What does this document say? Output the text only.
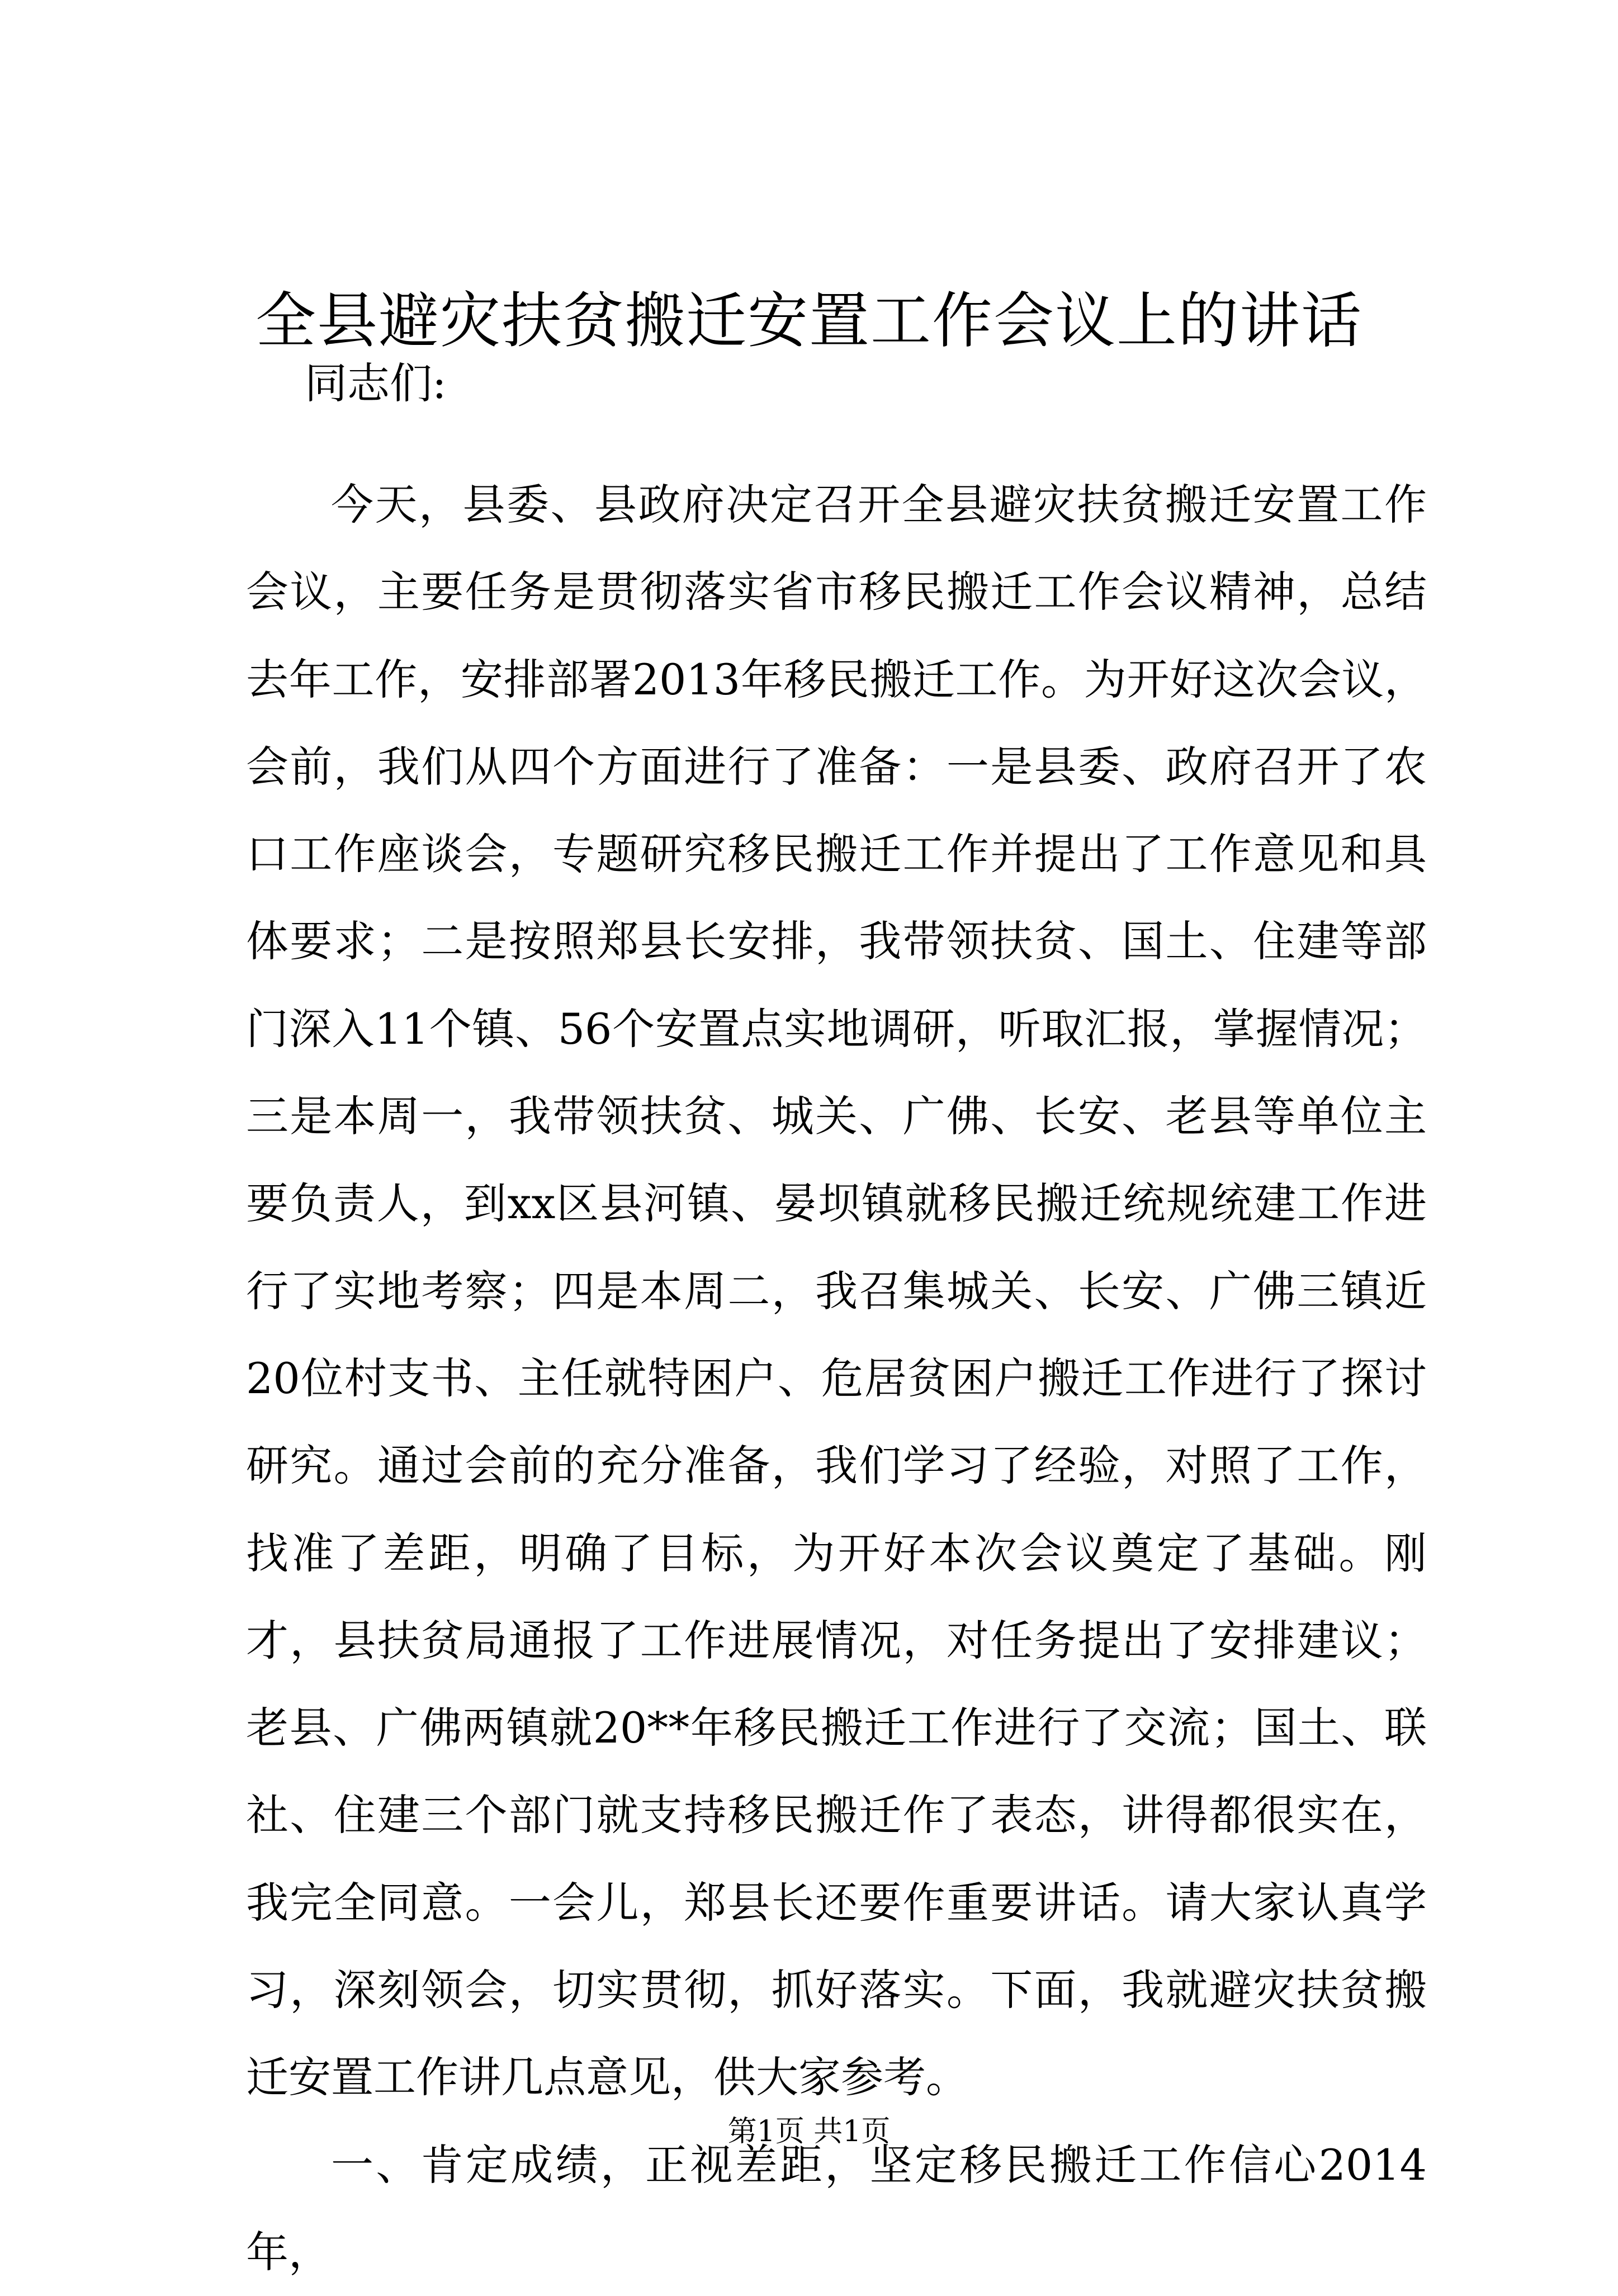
全县避灾扶贫搬迁安置工作会议上的讲话
同志们:

今天，县委、县政府决定召开全县避灾扶贫搬迁安置工作会议，主要任务是贯彻落实省市移民搬迁工作会议精神，总结去年工作，安排部署2013年移民搬迁工作。为开好这次会议，会前，我们从四个方面进行了准备：一是县委、政府召开了农口工作座谈会，专题研究移民搬迁工作并提出了工作意见和具体要求；二是按照郑县长安排，我带领扶贫、国土、住建等部门深入11个镇、56个安置点实地调研，听取汇报，掌握情况；三是本周一，我带领扶贫、城关、广佛、长安、老县等单位主要负责人，到xx区县河镇、晏坝镇就移民搬迁统规统建工作进行了实地考察；四是本周二，我召集城关、长安、广佛三镇近20位村支书、主任就特困户、危居贫困户搬迁工作进行了探讨研究。通过会前的充分准备，我们学习了经验，对照了工作，找准了差距，明确了目标，为开好本次会议奠定了基础。刚才，县扶贫局通报了工作进展情况，对任务提出了安排建议；老县、广佛两镇就20**年移民搬迁工作进行了交流；国土、联社、住建三个部门就支持移民搬迁作了表态，讲得都很实在，我完全同意。一会儿，郑县长还要作重要讲话。请大家认真学习，深刻领会，切实贯彻，抓好落实。下面，我就避灾扶贫搬迁安置工作讲几点意见，供大家参考。

一、肯定成绩，正视差距，坚定移民搬迁工作信心2014年，

第1页 共1页
